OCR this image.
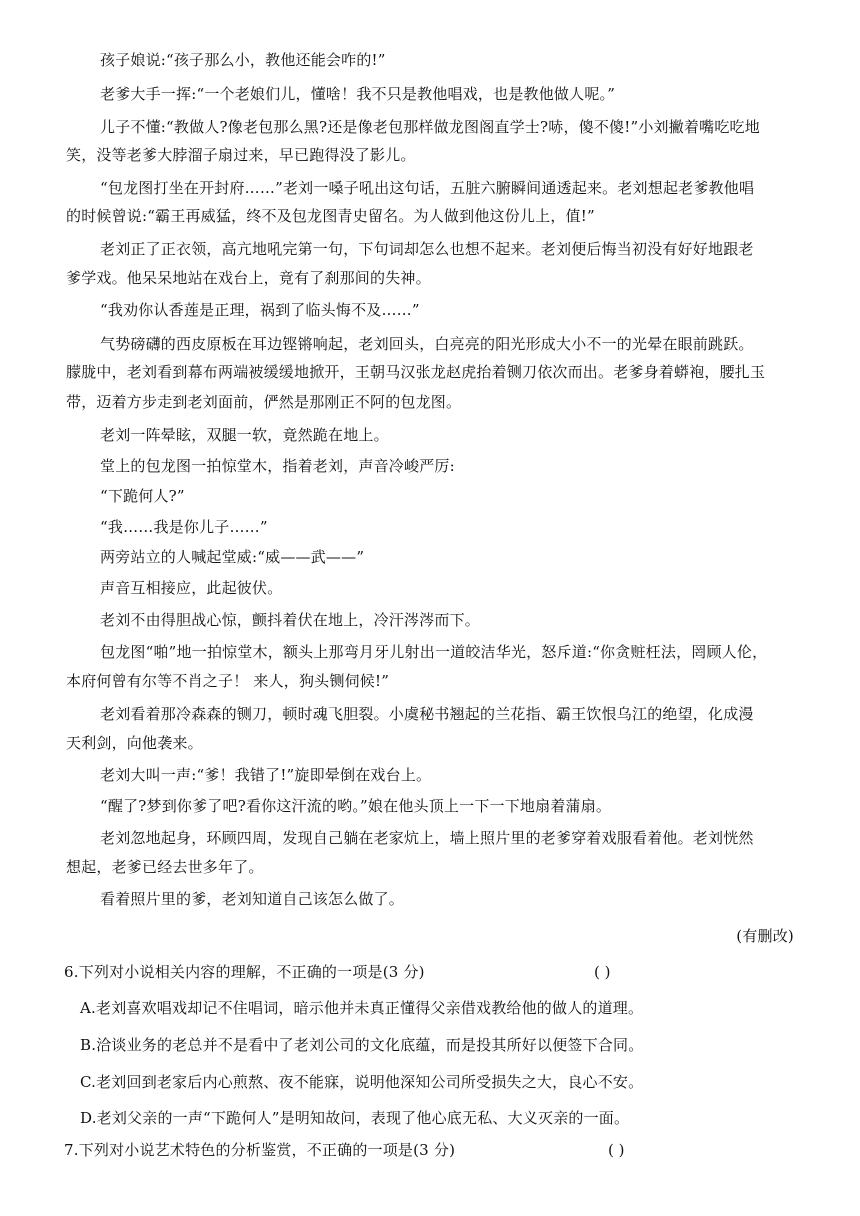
孩子娘说:“孩子那么小，教他还能会咋的!”
老爹大手一挥:“一个老娘们儿，懂啥！我不只是教他唱戏，也是教他做人呢。”
儿子不懂:“教做人?像老包那么黑?还是像老包那样做龙图阁直学士?哧，傻不傻!”小刘撇着嘴吃吃地
笑，没等老爹大脖溜子扇过来，早已跑得没了影儿。
“包龙图打坐在开封府……”老刘一嗓子吼出这句话，五脏六腑瞬间通透起来。老刘想起老爹教他唱
的时候曾说:“霸王再威猛，终不及包龙图青史留名。为人做到他这份儿上，值!”
老刘正了正衣领，高亢地吼完第一句，下句词却怎么也想不起来。老刘便后悔当初没有好好地跟老
爹学戏。他呆呆地站在戏台上，竟有了刹那间的失神。
“我劝你认香莲是正理，祸到了临头悔不及……”
气势磅礴的西皮原板在耳边铿锵响起，老刘回头，白亮亮的阳光形成大小不一的光晕在眼前跳跃。
朦胧中，老刘看到幕布两端被缓缓地掀开，王朝马汉张龙赵虎抬着铡刀依次而出。老爹身着蟒袍，腰扎玉
带，迈着方步走到老刘面前，俨然是那刚正不阿的包龙图。
老刘一阵晕眩，双腿一软，竟然跪在地上。
堂上的包龙图一拍惊堂木，指着老刘，声音冷峻严厉:
“下跪何人?”
“我……我是你儿子……”
两旁站立的人喊起堂威:“威——武——”
声音互相接应，此起彼伏。
老刘不由得胆战心惊，颤抖着伏在地上，冷汗涔涔而下。
包龙图“啪”地一拍惊堂木，额头上那弯月牙儿射出一道皎洁华光，怒斥道:“你贪赃枉法，罔顾人伦，
本府何曾有尔等不肖之子！ 来人，狗头铡伺候!”
老刘看着那冷森森的铡刀，顿时魂飞胆裂。小虞秘书翘起的兰花指、霸王饮恨乌江的绝望，化成漫
天利剑，向他袭来。
老刘大叫一声:“爹！我错了!”旋即晕倒在戏台上。
“醒了?梦到你爹了吧?看你这汗流的哟。”娘在他头顶上一下一下地扇着蒲扇。
老刘忽地起身，环顾四周，发现自己躺在老家炕上，墙上照片里的老爹穿着戏服看着他。老刘恍然
想起，老爹已经去世多年了。
看着照片里的爹，老刘知道自己该怎么做了。
(有删改)
6.下列对小说相关内容的理解，不正确的一项是(3 分)	( )
A.老刘喜欢唱戏却记不住唱词，暗示他并未真正懂得父亲借戏教给他的做人的道理。
B.洽谈业务的老总并不是看中了老刘公司的文化底蕴，而是投其所好以便签下合同。
C.老刘回到老家后内心煎熬、夜不能寐，说明他深知公司所受损失之大，良心不安。
D.老刘父亲的一声“下跪何人”是明知故问，表现了他心底无私、大义灭亲的一面。
7.下列对小说艺术特色的分析鉴赏，不正确的一项是(3 分)	( )
